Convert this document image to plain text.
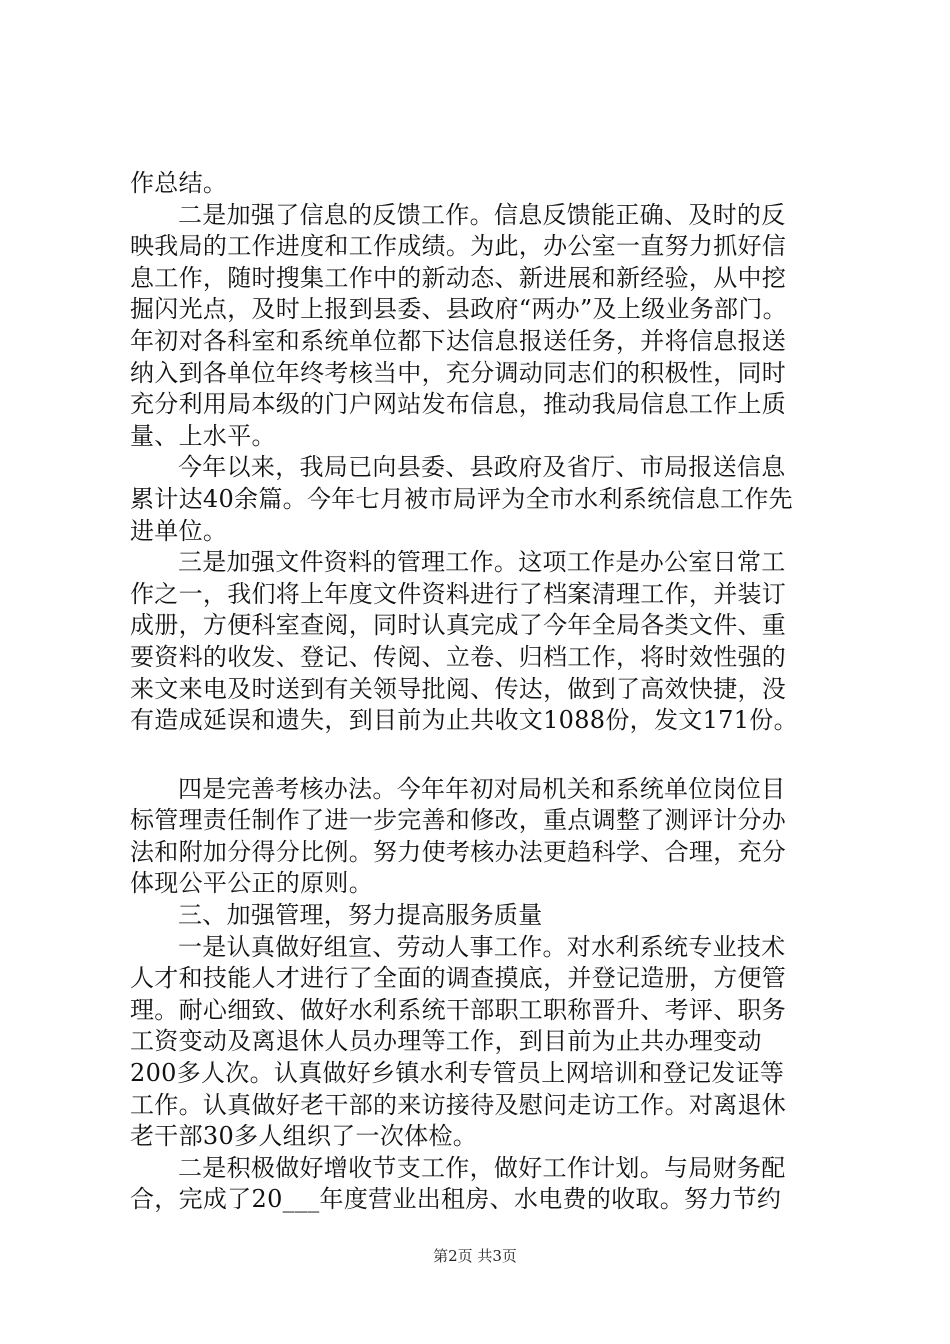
作总结。
二是加强了信息的反馈工作。信息反馈能正确、及时的反
映我局的工作进度和工作成绩。为此，办公室一直努力抓好信
息工作，随时搜集工作中的新动态、新进展和新经验，从中挖
掘闪光点，及时上报到县委、县政府“两办”及上级业务部门。
年初对各科室和系统单位都下达信息报送任务，并将信息报送
纳入到各单位年终考核当中，充分调动同志们的积极性，同时
充分利用局本级的门户网站发布信息，推动我局信息工作上质
量、上水平。
今年以来，我局已向县委、县政府及省厅、市局报送信息
累计达40余篇。今年七月被市局评为全市水利系统信息工作先
进单位。
三是加强文件资料的管理工作。这项工作是办公室日常工
作之一，我们将上年度文件资料进行了档案清理工作，并装订
成册，方便科室查阅，同时认真完成了今年全局各类文件、重
要资料的收发、登记、传阅、立卷、归档工作，将时效性强的
来文来电及时送到有关领导批阅、传达，做到了高效快捷，没
有造成延误和遗失，到目前为止共收文1088份，发文171份。
四是完善考核办法。今年年初对局机关和系统单位岗位目
标管理责任制作了进一步完善和修改，重点调整了测评计分办
法和附加分得分比例。努力使考核办法更趋科学、合理，充分
体现公平公正的原则。
三、加强管理，努力提高服务质量
一是认真做好组宣、劳动人事工作。对水利系统专业技术
人才和技能人才进行了全面的调查摸底，并登记造册，方便管
理。耐心细致、做好水利系统干部职工职称晋升、考评、职务
工资变动及离退休人员办理等工作，到目前为止共办理变动
200多人次。认真做好乡镇水利专管员上网培训和登记发证等
工作。认真做好老干部的来访接待及慰问走访工作。对离退休
老干部30多人组织了一次体检。
二是积极做好增收节支工作，做好工作计划。与局财务配
合，完成了20___年度营业出租房、水电费的收取。努力节约
第2页 共3页
